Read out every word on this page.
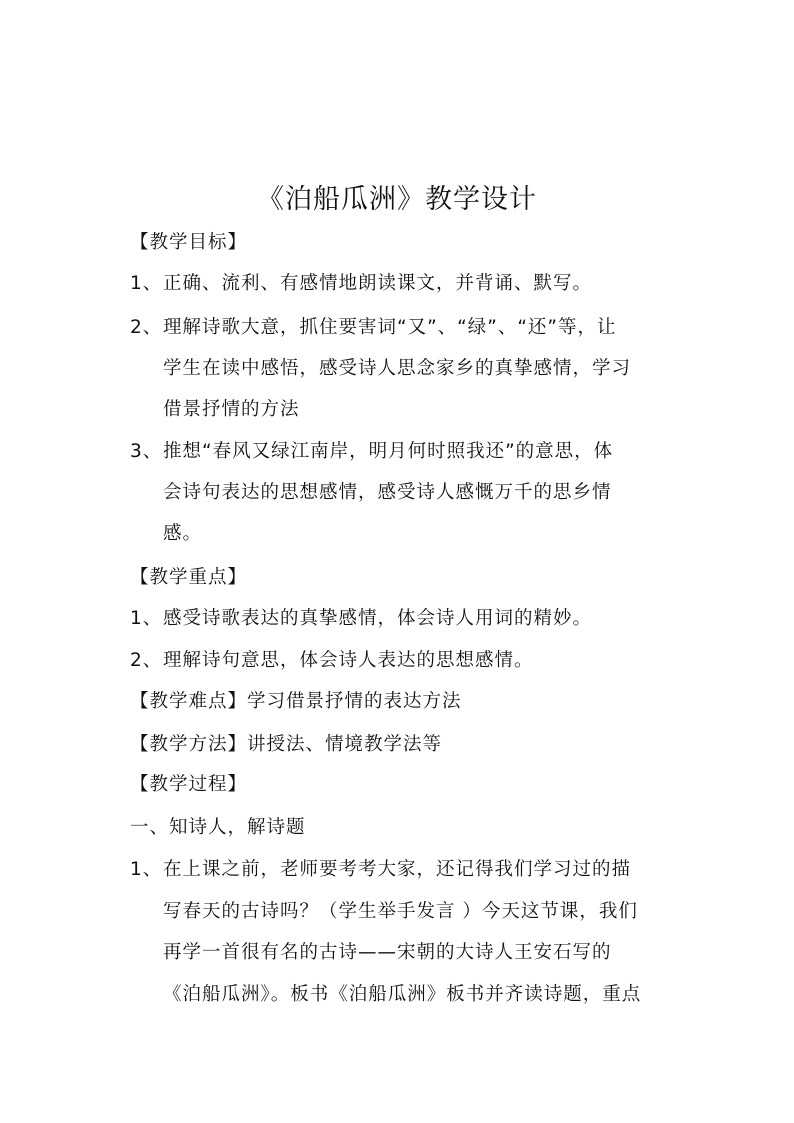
《泊船瓜洲》教学设计
【教学目标】
1、正确、流利、有感情地朗读课文，并背诵、默写。
2、理解诗歌大意，抓住要害词“又”、“绿”、“还”等，让
学生在读中感悟，感受诗人思念家乡的真挚感情，学习
借景抒情的方法
3、推想“春风又绿江南岸，明月何时照我还”的意思，体
会诗句表达的思想感情，感受诗人感慨万千的思乡情
感。
【教学重点】
1、感受诗歌表达的真挚感情，体会诗人用词的精妙。
2、理解诗句意思，体会诗人表达的思想感情。
【教学难点】学习借景抒情的表达方法
【教学方法】讲授法、情境教学法等
【教学过程】
一、知诗人，解诗题
1、在上课之前，老师要考考大家，还记得我们学习过的描
写春天的古诗吗？（学生举手发言 ）今天这节课，我们
再学一首很有名的古诗——宋朝的大诗人王安石写的
《泊船瓜洲》。板书《泊船瓜洲》板书并齐读诗题，重点
